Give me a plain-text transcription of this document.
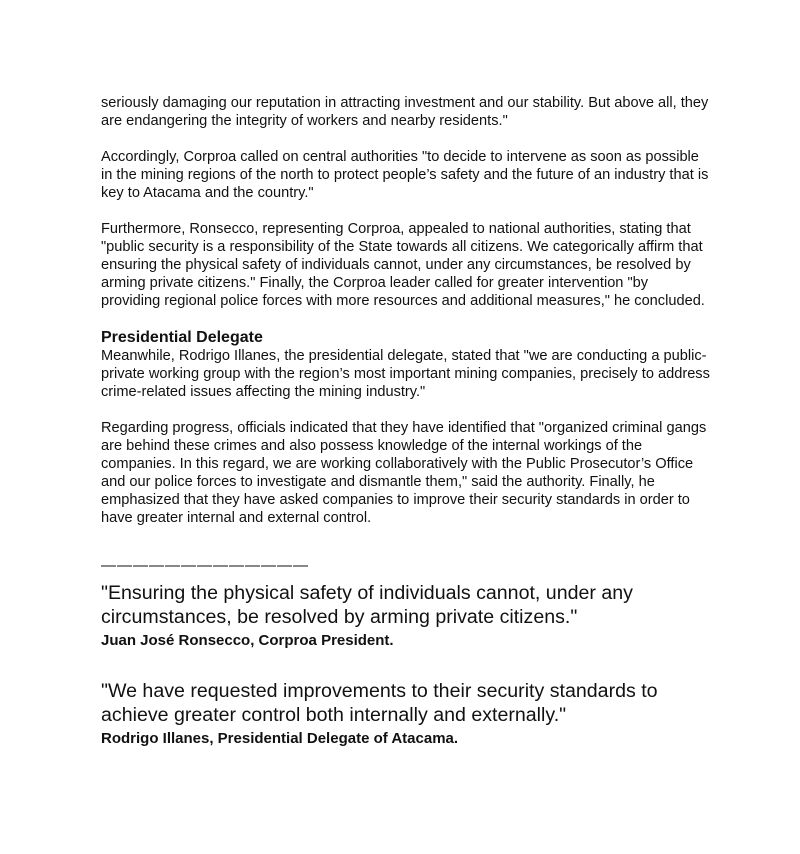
seriously damaging our reputation in attracting investment and our stability. But above all, they are endangering the integrity of workers and nearby residents."

Accordingly, Corproa called on central authorities "to decide to intervene as soon as possible in the mining regions of the north to protect people’s safety and the future of an industry that is key to Atacama and the country."

Furthermore, Ronsecco, representing Corproa, appealed to national authorities, stating that "public security is a responsibility of the State towards all citizens. We categorically affirm that ensuring the physical safety of individuals cannot, under any circumstances, be resolved by arming private citizens." Finally, the Corproa leader called for greater intervention "by providing regional police forces with more resources and additional measures," he concluded.

Presidential Delegate

Meanwhile, Rodrigo Illanes, the presidential delegate, stated that "we are conducting a public-private working group with the region’s most important mining companies, precisely to address crime-related issues affecting the mining industry."

Regarding progress, officials indicated that they have identified that "organized criminal gangs are behind these crimes and also possess knowledge of the internal workings of the companies. In this regard, we are working collaboratively with the Public Prosecutor’s Office and our police forces to investigate and dismantle them," said the authority. Finally, he emphasized that they have asked companies to improve their security standards in order to have greater internal and external control.

—————————————

"Ensuring the physical safety of individuals cannot, under any circumstances, be resolved by arming private citizens."

Juan José Ronsecco, Corproa President.

"We have requested improvements to their security standards to achieve greater control both internally and externally."

Rodrigo Illanes, Presidential Delegate of Atacama.
